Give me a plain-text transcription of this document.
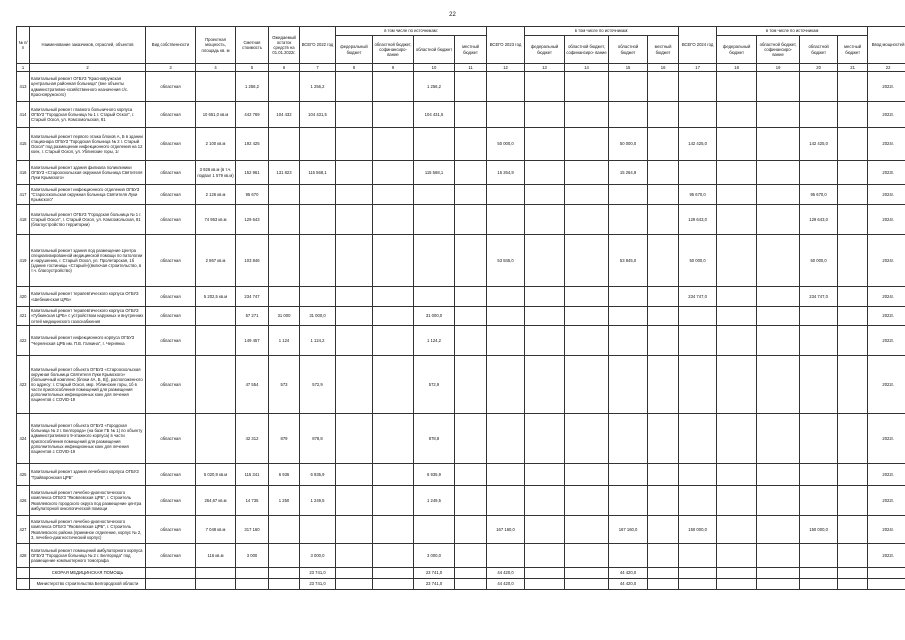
22
№ п/п	Наименование заказчиков, отраслей, объектов	Вид собственности	Проектная мощность, площадь кв. м	Сметная стоимость	Ожидаемый остаток средств на 01.01.2022г.	ВСЕГО 2022 год	в том числе по источникам:				ВСЕГО 2023 год	в том числе по источникам:				ВСЕГО 2024 год	в том числе по источникам				Ввод мощностей
							федеральный бюджет	областной бюджет, софинансиро- вание	областной бюджет	местный бюджет		федеральный бюджет	областной бюджет, софинансиро- вание	областной бюджет	местный бюджет		федеральный бюджет	областной бюджет, софинансиро- вание	областной бюджет	местный бюджет	
1	2	3	4	5	6	7	8	9	10	11	12	13	14	15	16	17	18	19	20	21	22
413	Капитальный ремонт ОГБУЗ "Краснояружская центральная районная больница" (вне объекты административно-хозяйственного назначения с/с. Краснояружского)	областная		1 256,2		1 256,2			1 256,2												2022г.
414	Капитальный ремонт главного больничного корпуса ОГБУЗ "Городская больница № 1 г. Старый Оскол", г. Старый Оскол, ул. Комсомольская, 81	областная	10 651,0 кв.м	442 769	104 432	104 431,5			104 431,5												2022г.
415	Капитальный ремонт первого этажа блоков А, Б в здании стационара ОГБУЗ "Городская больница № 2 г. Старый Оскол" под размещение инфекционного отделения на 12 коек, г. Старый Оскол, ул. Ублинские горы, 1г	областная	2 100 кв.м	192 425							50 000,0			50 000,0		142 425,0			142 425,0		2024г.
416	Капитальный ремонт здания филиала поликлиники ОГБУЗ «Старооскольская окружная больница Святителя Луки Крымского»	областная	3 926 кв.м (в т.ч. подвал 1 579 кв.м)	152 961	131 823	115 568,1			115 568,1		15 264,9			15 264,9							2023г.
417	Капитальный ремонт инфекционного отделения ОГБУЗ "Старооскольская окружная больница Святителя Луки Крымского"	областная	2 126 кв.м	95 670												95 670,0			95 670,0		2024г.
418	Капитальный ремонт ОГБУЗ "Городская больница № 1 г. Старый Оскол", г. Старый Оскол, ул. Комсомольская, 81 (благоустройство территории)	областная	74 963 кв.м	129 643												129 643,0			129 643,0		2024г.
419	Капитальный ремонт здания под размещение Центра специализированной медицинской помощи по патологии и нарушению, г. Старый Оскол, ул. Пролетарская, 1б (здание гостиницы «Старый»)(включая строительство, в т.ч. благоустройство)	областная	2 867 кв.м	103 846							53 845,0			53 845,0		50 000,0			50 000,0		2024г.
420	Капитальный ремонт терапевтического корпуса ОГБУЗ «Шебекинская ЦРБ»	областная	5 202,5 кв.м	234 747												234 747,0			234 747,0		2024г.
421	Капитальный ремонт терапевтического корпуса ОГБУЗ «Губкинская ЦРБ» с устройством наружных и внутренних сетей медицинского газоснабжения	областная		57 271	31 000	31 000,0			31 000,0												2022г.
422	Капитальный ремонт инфекционного корпуса ОГБУЗ "Чернянская ЦРБ им. П.В. Галкина", г. Чернянка	областная		149 457	1 124	1 124,2			1 124,2												2022г.
423	Капитальный ремонт объекта ОГБУЗ «Старооскольская окружная больница Святителя Луки Крымского» (больничный комплекс (блоки 4А, Б, В)), расположенного по адресу: г. Старый Оскол, мкр. Ублинские горы, 1б в части приспособления помещений для размещения дополнительных инфекционных коек для лечения пациентов с COVID-19	областная		47 554	573	572,9			572,9												2022г.
424	Капитальный ремонт объекта ОГБУЗ «Городская больница № 2 г. Белгорода» (на базе ГБ № 1) по объекту административного 9-этажного корпуса) в части приспособления помещений для размещения дополнительных инфекционных коек для лечения пациентов с COVID-19	областная		42 312	879	878,8			878,8												2022г.
425	Капитальный ремонт здания лечебного корпуса ОГБУЗ "Грайворонская ЦРБ"	областная	5 020,9 кв.м	115 341	6 936	6 935,9			6 935,9												2022г.
426	Капитальный ремонт лечебно-диагностического комплекса ОГБУЗ "Яковлевская ЦРБ", г. Строитель Яковлевского городского округа под размещение центра амбулаторной онкологической помощи	областная	264,67 кв.м	14 735	1 250	1 249,5			1 249,5												2022г.
427	Капитальный ремонт лечебно-диагностического комплекса ОГБУЗ "Яковлевская ЦРБ", г. Строитель Яковлевского района (приемное отделение, корпус № 2, 3, лечебно-диагностический корпус)	областная	7 048 кв.м	317 160							167 160,0			167 160,0		150 000,0			150 000,0		2024г.
428	Капитальный ремонт помещений амбулаторного корпуса ОГБУЗ "Городская больница № 2 г. Белгорода" под размещение компьютерного томографа	областная	116 кв.м	3 000		3 000,0			3 000,0												2022г.
	СКОРАЯ МЕДИЦИНСКАЯ ПОМОЩЬ					23 741,0			23 741,0		44 420,0			44 420,0							
	Министерство строительства Белгородской области					23 741,0			23 741,0		44 420,0			44 420,0							
